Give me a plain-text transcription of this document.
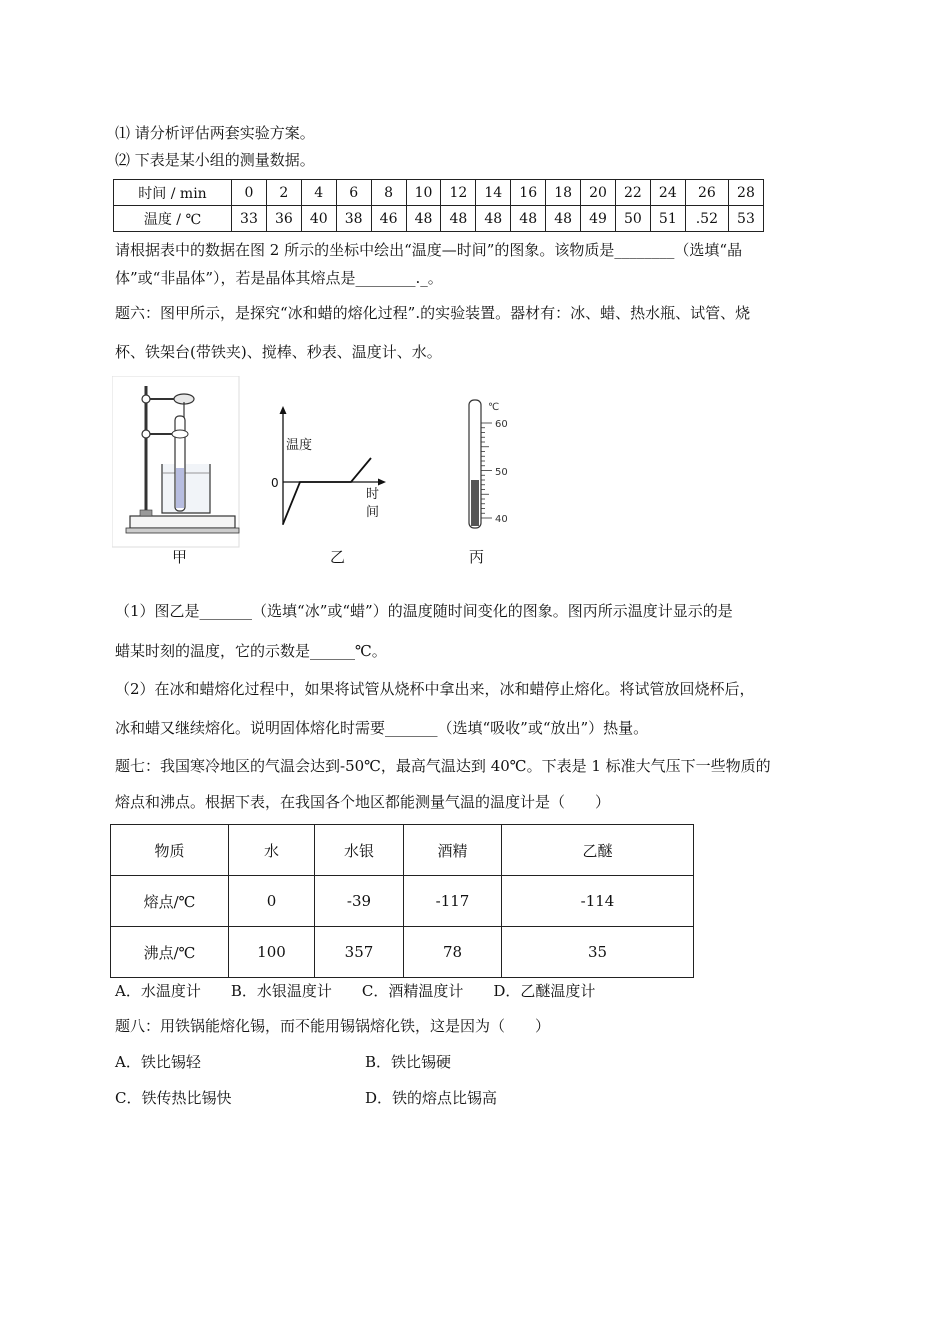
⑴ 请分析评估两套实验方案。
⑵ 下表是某小组的测量数据。
时间 / min	0	2	4	6	8	10	12	14	16	18	20	22	24	26	28
温度 / ℃	33	36	40	38	46	48	48	48	48	48	49	50	51	.52	53
请根据表中的数据在图 2 所示的坐标中绘出“温度—时间”的图象。该物质是________（选填“晶
体”或“非晶体”），若是晶体其熔点是________._。
题六：图甲所示，是探究“冰和蜡的熔化过程”.的实验装置。器材有：冰、蜡、热水瓶、试管、烧
杯、铁架台(带铁夹)、搅棒、秒表、温度计、水。
甲
温度
0
时
间
乙
℃
60
50
40
丙
（1）图乙是_______（选填“冰”或“蜡”）的温度随时间变化的图象。图丙所示温度计显示的是
蜡某时刻的温度，它的示数是______℃。
（2）在冰和蜡熔化过程中，如果将试管从烧杯中拿出来，冰和蜡停止熔化。将试管放回烧杯后，
冰和蜡又继续熔化。说明固体熔化时需要_______（选填“吸收”或“放出”）热量。
题七：我国寒冷地区的气温会达到-50℃，最高气温达到 40℃。下表是 1 标准大气压下一些物质的
熔点和沸点。根据下表，在我国各个地区都能测量气温的温度计是（　　）
物质	水	水银	酒精	乙醚
熔点/℃	0	-39	-117	-114
沸点/℃	100	357	78	35
A．水温度计　　B．水银温度计　　C．酒精温度计　　D．乙醚温度计
题八：用铁锅能熔化锡，而不能用锡锅熔化铁，这是因为（　　）
A．铁比锡轻	B．铁比锡硬
C．铁传热比锡快	D．铁的熔点比锡高
